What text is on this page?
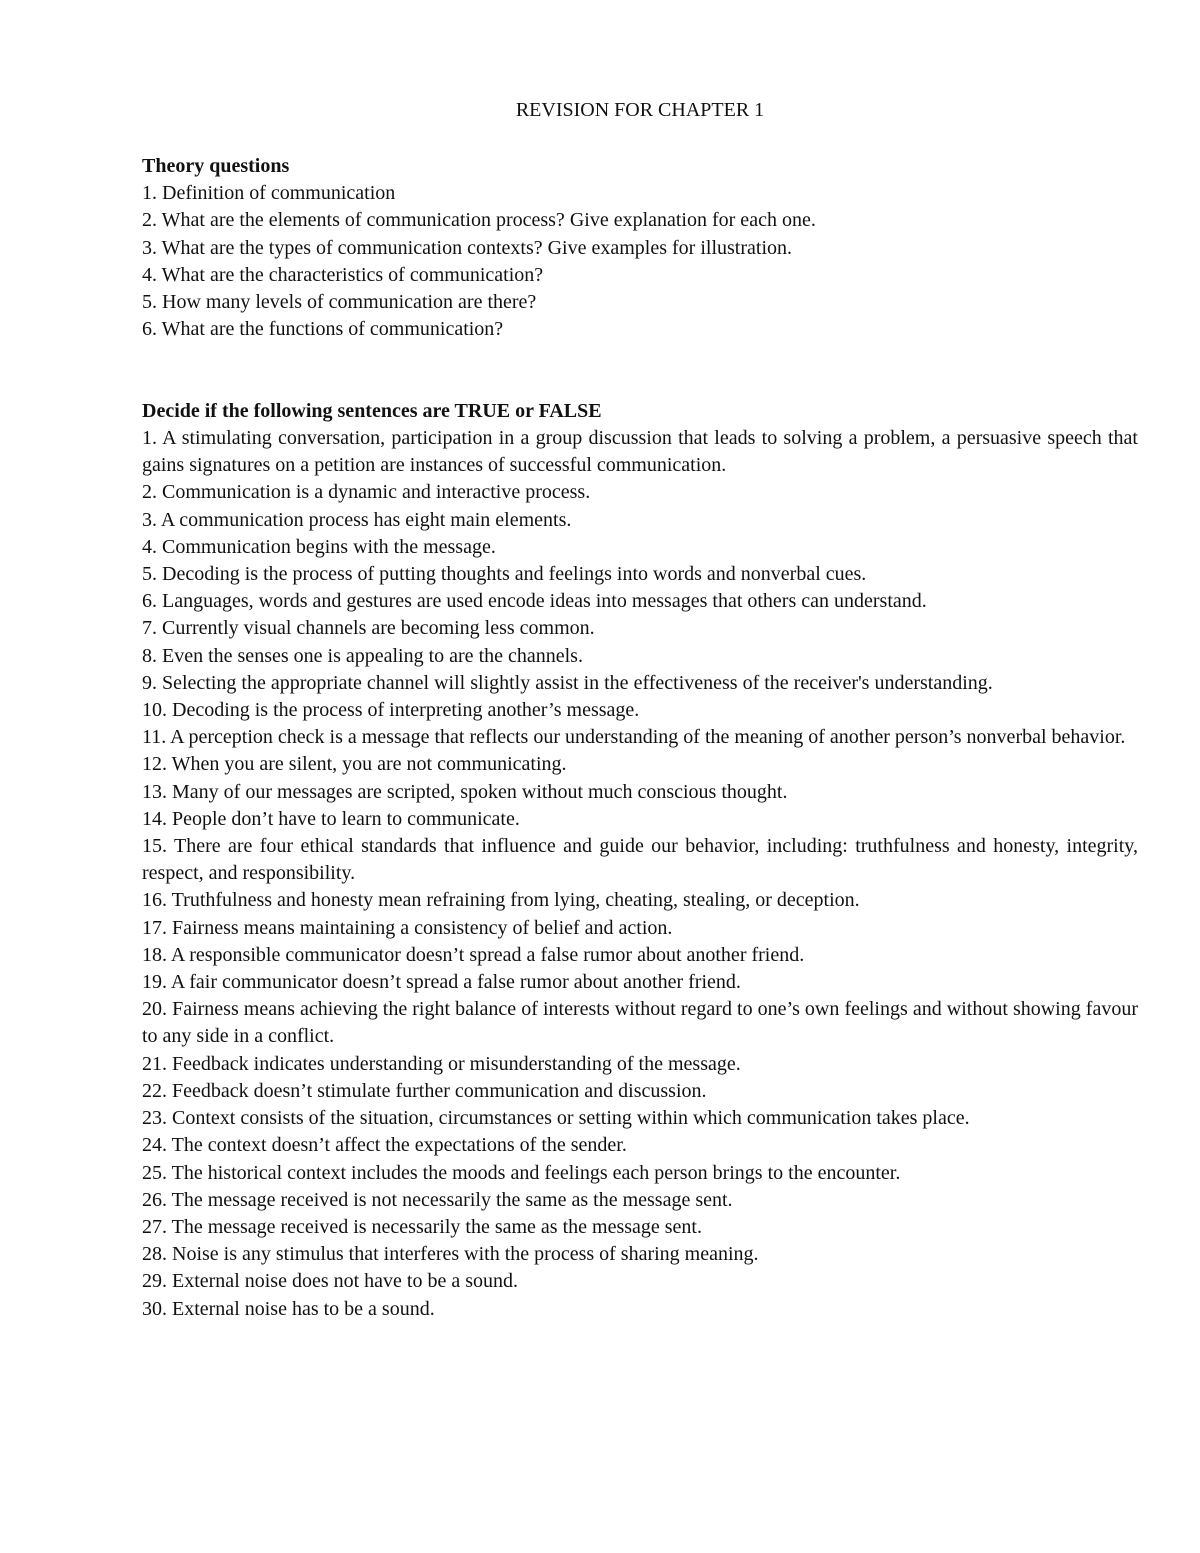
REVISION FOR CHAPTER 1
Theory questions

1. Definition of communication

2. What are the elements of communication process? Give explanation for each one.

3. What are the types of communication contexts? Give examples for illustration.

4. What are the characteristics of communication?

5. How many levels of communication are there?

6. What are the functions of communication?

Decide if the following sentences are TRUE or FALSE

1. A stimulating conversation, participation in a group discussion that leads to solving a problem, a persuasive speech that gains signatures on a petition are instances of successful communication.

2. Communication is a dynamic and interactive process.

3. A communication process has eight main elements.

4. Communication begins with the message.

5. Decoding is the process of putting thoughts and feelings into words and nonverbal cues.

6. Languages, words and gestures are used encode ideas into messages that others can understand.

7. Currently visual channels are becoming less common.

8. Even the senses one is appealing to are the channels.

9. Selecting the appropriate channel will slightly assist in the effectiveness of the receiver's understanding.

10. Decoding is the process of interpreting another’s message.

11. A perception check is a message that reflects our understanding of the meaning of another person’s nonverbal behavior.

12. When you are silent, you are not communicating.

13. Many of our messages are scripted, spoken without much conscious thought.

14. People don’t have to learn to communicate.

15. There are four ethical standards that influence and guide our behavior, including: truthfulness and honesty, integrity, respect, and responsibility.

16. Truthfulness and honesty mean refraining from lying, cheating, stealing, or deception.

17. Fairness means maintaining a consistency of belief and action.

18. A responsible communicator doesn’t spread a false rumor about another friend.

19. A fair communicator doesn’t spread a false rumor about another friend.

20. Fairness means achieving the right balance of interests without regard to one’s own feelings and without showing favour to any side in a conflict.

21. Feedback indicates understanding or misunderstanding of the message.

22. Feedback doesn’t stimulate further communication and discussion.

23. Context consists of the situation, circumstances or setting within which communication takes place.

24. The context doesn’t affect the expectations of the sender.

25. The historical context includes the moods and feelings each person brings to the encounter.

26. The message received is not necessarily the same as the message sent.

27. The message received is necessarily the same as the message sent.

28. Noise is any stimulus that interferes with the process of sharing meaning.

29. External noise does not have to be a sound.

30. External noise has to be a sound.
